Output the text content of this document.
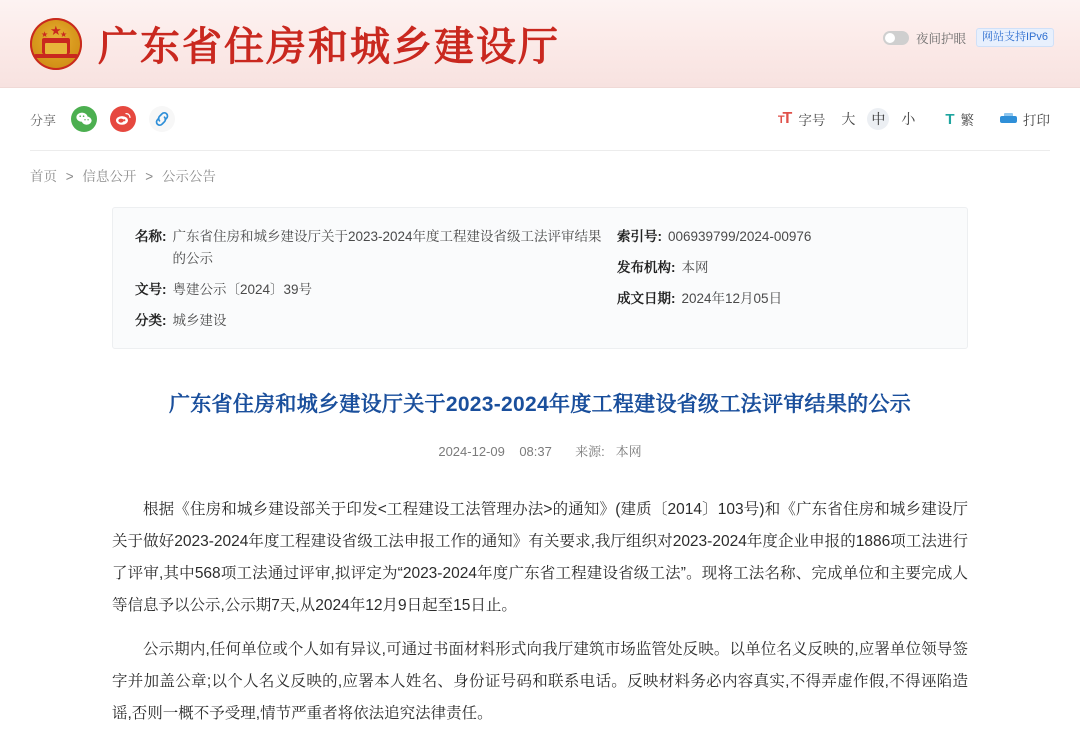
★
★ ★ 广东省住房和城乡建设厅	夜间护眼	网站支持IPv6
分享	TT 字号 大 中 小 T 繁	打印
首页 > 信息公开 > 公示公告
名称: 广东省住房和城乡建设厅关于2023-2024年度工程建设省级工法评审结果的公示
文号: 粤建公示〔2024〕39号
分类: 城乡建设
索引号: 006939799/2024-00976
发布机构: 本网
成文日期: 2024年12月05日
广东省住房和城乡建设厅关于2023-2024年度工程建设省级工法评审结果的公示
2024-12-09 08:37 来源: 本网

根据《住房和城乡建设部关于印发<工程建设工法管理办法>的通知》(建质〔2014〕103号)和《广东省住房和城乡建设厅关于做好2023-2024年度工程建设省级工法申报工作的通知》有关要求,我厅组织对2023-2024年度企业申报的1886项工法进行了评审,其中568项工法通过评审,拟评定为“2023-2024年度广东省工程建设省级工法”。现将工法名称、完成单位和主要完成人等信息予以公示,公示期7天,从2024年12月9日起至15日止。

公示期内,任何单位或个人如有异议,可通过书面材料形式向我厅建筑市场监管处反映。以单位名义反映的,应署单位领导签字并加盖公章;以个人名义反映的,应署本人姓名、身份证号码和联系电话。反映材料务必内容真实,不得弄虚作假,不得诬陷造谣,否则一概不予受理,情节严重者将依法追究法律责任。
